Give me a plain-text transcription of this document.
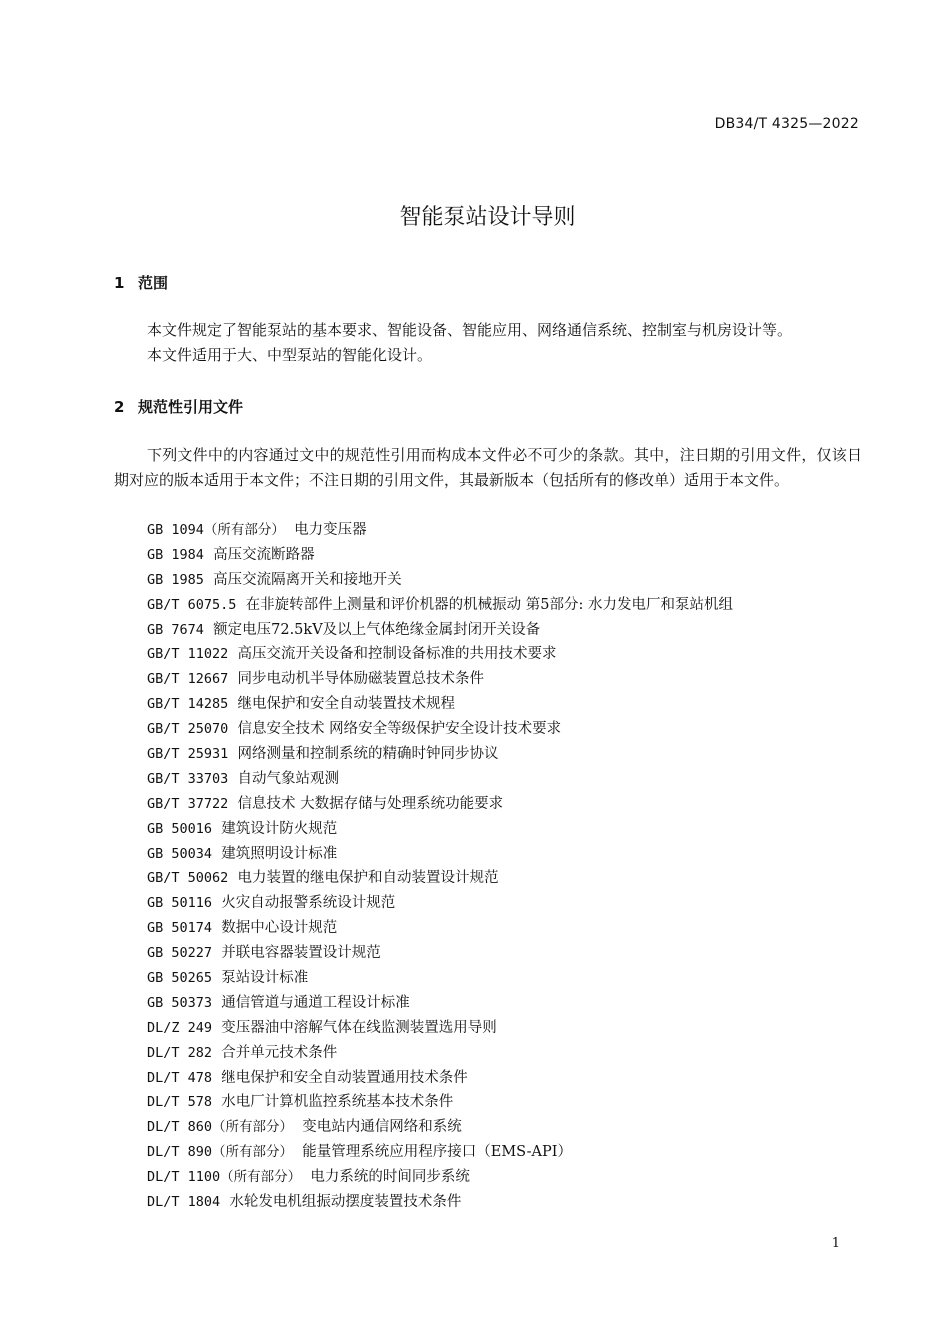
DB34/T 4325—2022
智能泵站设计导则
1 范围

本文件规定了智能泵站的基本要求、智能设备、智能应用、网络通信系统、控制室与机房设计等。

本文件适用于大、中型泵站的智能化设计。

2 规范性引用文件

下列文件中的内容通过文中的规范性引用而构成本文件必不可少的条款。其中，注日期的引用文件，仅该日期对应的版本适用于本文件；不注日期的引用文件，其最新版本（包括所有的修改单）适用于本文件。

GB 1094（所有部分） 电力变压器
GB 1984 高压交流断路器
GB 1985 高压交流隔离开关和接地开关
GB/T 6075.5 在非旋转部件上测量和评价机器的机械振动 第5部分: 水力发电厂和泵站机组
GB 7674 额定电压72.5kV及以上气体绝缘金属封闭开关设备
GB/T 11022 高压交流开关设备和控制设备标准的共用技术要求
GB/T 12667 同步电动机半导体励磁装置总技术条件
GB/T 14285 继电保护和安全自动装置技术规程
GB/T 25070 信息安全技术 网络安全等级保护安全设计技术要求
GB/T 25931 网络测量和控制系统的精确时钟同步协议
GB/T 33703 自动气象站观测
GB/T 37722 信息技术 大数据存储与处理系统功能要求
GB 50016 建筑设计防火规范
GB 50034 建筑照明设计标准
GB/T 50062 电力装置的继电保护和自动装置设计规范
GB 50116 火灾自动报警系统设计规范
GB 50174 数据中心设计规范
GB 50227 并联电容器装置设计规范
GB 50265 泵站设计标准
GB 50373 通信管道与通道工程设计标准
DL/Z 249 变压器油中溶解气体在线监测装置选用导则
DL/T 282 合并单元技术条件
DL/T 478 继电保护和安全自动装置通用技术条件
DL/T 578 水电厂计算机监控系统基本技术条件
DL/T 860（所有部分） 变电站内通信网络和系统
DL/T 890（所有部分） 能量管理系统应用程序接口（EMS-API）
DL/T 1100（所有部分） 电力系统的时间同步系统
DL/T 1804 水轮发电机组振动摆度装置技术条件
1
